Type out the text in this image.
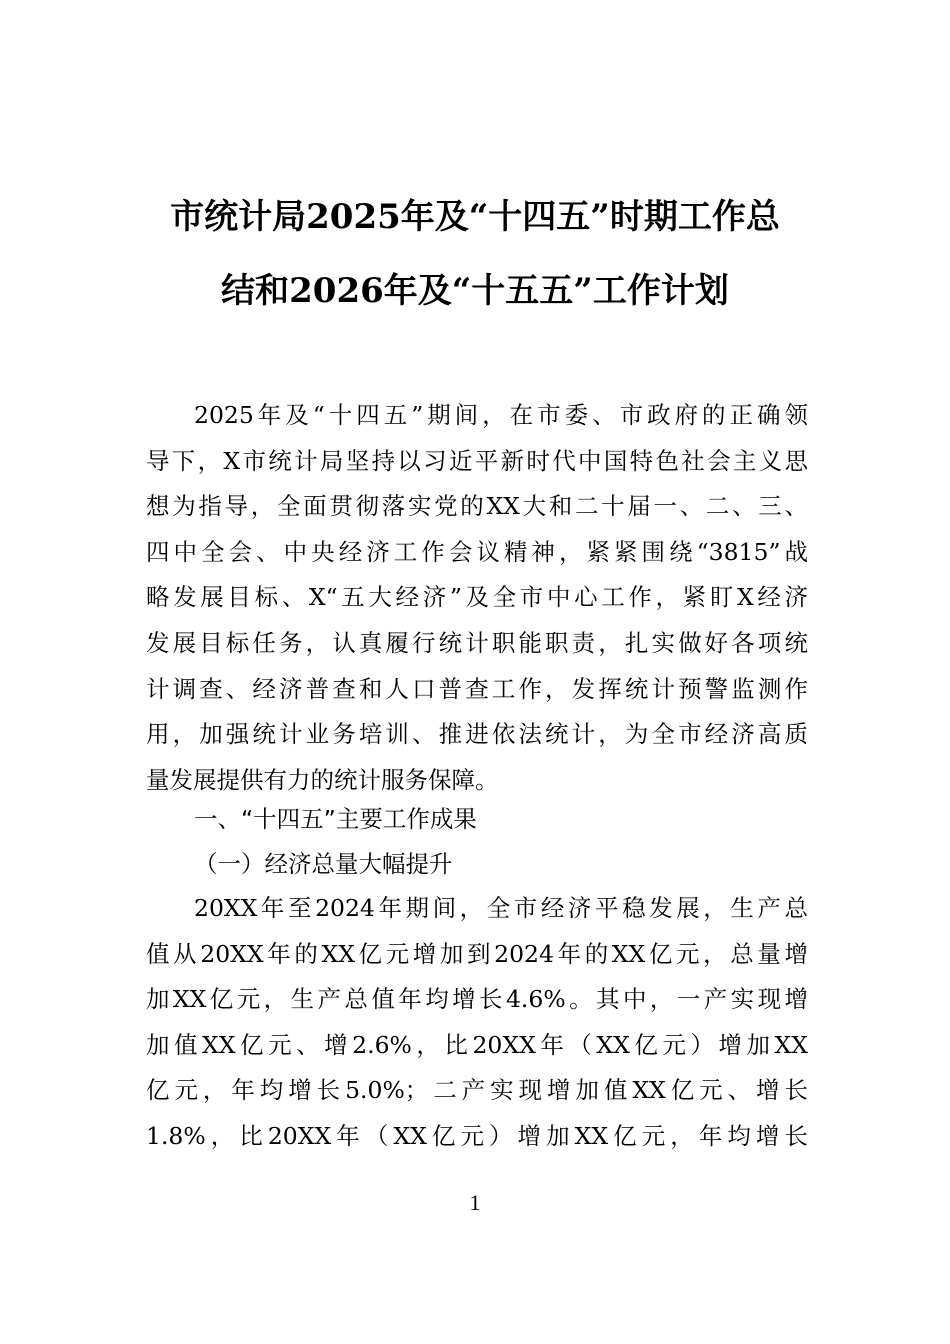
市统计局2025年及“十四五”时期工作总
结和2026年及“十五五”工作计划
2025年及“十四五”期间，在市委、市政府的正确领
导下，X市统计局坚持以习近平新时代中国特色社会主义思
想为指导，全面贯彻落实党的XX大和二十届一、二、三、
四中全会、中央经济工作会议精神，紧紧围绕“3815”战
略发展目标、X“五大经济”及全市中心工作，紧盯X经济
发展目标任务，认真履行统计职能职责，扎实做好各项统
计调查、经济普查和人口普查工作，发挥统计预警监测作
用，加强统计业务培训、推进依法统计，为全市经济高质
量发展提供有力的统计服务保障。
一、“十四五”主要工作成果
（一）经济总量大幅提升
20XX年至2024年期间，全市经济平稳发展，生产总
值从20XX年的XX亿元增加到2024年的XX亿元，总量增
加XX亿元，生产总值年均增长4.6%。其中，一产实现增
加值XX亿元、增2.6%，比20XX年（XX亿元）增加XX
亿元，年均增长5.0%；二产实现增加值XX亿元、增长
1.8%，比20XX年（XX亿元）增加XX亿元，年均增长
1
